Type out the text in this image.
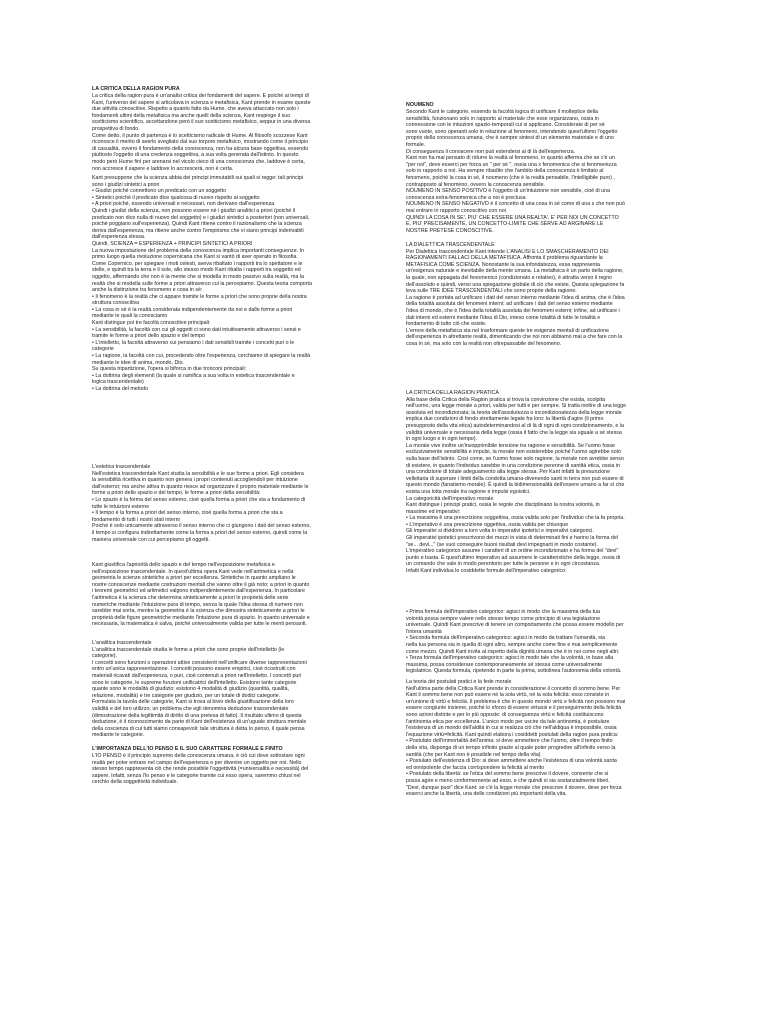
LA CRITICA DELLA RAGION PURA
La critica della ragion pura è un'analisi critica dei fondamenti del sapere. E poiché ai tempi di
Kant, l'universo del sapere si articolava in scienza e metafisica, Kant prende in esame queste
due attività conoscitive. Rispetto a quanto fatto da Hume, che aveva attaccato non solo i
fondamenti ultimi della metafisica ma anche quelli della scienza, Kant respinge il suo
scetticismo scientifico, accettandone però il suo scetticismo metafisico, seppur in una diversa
prospettiva di fondo.
Come detto, il punto di partenza è lo scetticismo radicale di Hume. Al filosofo scozzese Kant
riconosce il merito di averlo svegliato dal suo torpore metafisico, mostrando come il principio
di casualità, ovvero il fondamento della conoscenza, non ha alcuna base oggettiva, essendo
piuttosto l'oggetto di una credenza soggettiva, a sua volta generata dall'istinto. In questo
modo però Hume finì per arenarsi nel vicolo cieco di una conoscenza che, laddove è certa,
non accresce il sapere e laddove lo accrescerà, non è certa.
Kant presuppone che la scienza abbia dei principi immutabili sui quali si regge: tali principi
sono i giudizi sintetici a priori
• Giudizi poiché connettono un predicato con un soggetto
• Sintetici poiché il predicato dice qualcosa di nuovo rispetto al soggetto
• A priori poiché, essendo universali e necessari, non derivano dall'esperienza
Quindi i giudizi della scienza, non possono essere né i giudizi analitici a priori (poiché il
predicato non dice nulla di nuovo del soggetto) e i giudizi sintetici a posteriori (non universali,
poiché poggiano sull'esperienza). Quindi Kant ritiene contro il razionalismo che la scienza
deriva dall'esperienza, ma ritiene anche contro l'empirismo che vi siano principi inderivabili
dall'esperienza stessa.
Quindi, SCIENZA = ESPERIENZA + PRINCIPI SINTETICI A PRIORI
La nuova impostazione del problema della conoscenza implica importanti conseguenze. In
primo luogo quella rivoluzione copernicana che Kant si vantò di aver operato in filosofia.
Come Copernico, per spiegare i moti celesti, aveva ribaltato i rapporti tra lo spettatore e le
stelle, e quindi tra la terra e il sole, allo stesso modo Kant ribalta i rapporti tra soggetto ed
oggetto, affermando che non è la mente che si modella in modo passivo sulla realtà, ma la
realtà che si modella sulle forme a priori attraverso cui la percepiamo. Questa teoria comporta
anche la distinzione tra fenomeno e cosa in sé:
• Il fenomeno è la realtà che ci appare tramite le forme a priori che sono proprie della nostra
struttura conoscitiva
• La cosa in sé è la realtà considerata indipendentemente da noi e dalle forme a priori
mediante le quali la conosciamo
Kant distingue poi tre facoltà conoscitive principali:
• La sensibilità, la facoltà con cui gli oggetti ci sono dati intuitivamente attraverso i sensi e
tramite le forme a priori dello spazio e del tempo
• L'intelletto, la facoltà attraverso cui pensiamo i dati sensibili tramite i concetti puri o le
categorie
• La ragione, la facoltà con cui, procedendo oltre l'esperienza, cerchiamo di spiegare la realtà
mediante le idee di anima, mondo, Dio.
Su questa tripartizione, l'opera si biforca in due tronconi principali:
• La dottrina degli elementi (la quale si ramifica a sua volta in estetica trascendentale e
logica trascendentale)
• La dottrina del metodo
L'estetica trascendentale
Nell'estetica trascendentale Kant studia la sensibilità e le sue forme a priori. Egli considera
la sensibilità ricettiva in quanto non genera i propri contenuti accogliendoli per intuizione
dall'esterno; ma anche attiva in quanto riesce ad organizzare il proprio materiale mediante le
forme a priori dello spazio e del tempo, le forme a priori della sensibilità:
• Lo spazio è la forma del senso esterno, cioè quella forma a priori che sta a fondamento di
tutte le intuizioni esterne
• Il tempo è la forma a priori del senso interno, cioè quella forma a priori che sta a
fondamento di tutti i nostri stati interni
Poiché è solo unicamente attraverso il senso interno che ci giungono i dati del senso esterno,
il tempo si configura indirettamente come la forma a priori del senso esterno, quindi come la
maniera universale con cui percepiamo gli oggetti.
Kant giustifica l'apriorità dello spazio e del tempo nell'esposizione metafisica e
nell'esposizione trascendentale. In quest'ultima opera Kant vede nell'aritmetica e nella
geometria le scienze sintetiche a priori per eccellenza. Sintetiche in quanto ampliano le
nostre conoscenze mediante costruzioni mentali che vanno oltre il già noto; a priori in quanto
i teoremi geometrici ed aritmetici valgono indipendentemente dall'esperienza. In particolare
l'aritmetica è la scienza che determina sinteticamente a priori le proprietà delle serie
numeriche mediante l'intuizione pura di tempo, senza la quale l'idea stessa di numero non
sarebbe mai sorta, mentre la geometria è la scienza che dimostra sinteticamente a priori le
proprietà delle figure geometriche mediante l'intuizione pura di spazio. In quanto universale e
necessaria, la matematica è salva, poiché universalmente valida per tutte le menti pensanti.
L'analitica trascendentale
L'analitica trascendentale studia le forme a priori che sono proprie dell'intelletto (le
categorie).
I concetti sono funzioni o operazioni attive consistenti nell'unificare diverse rappresentazioni
entro un'unica rappresentazione. I concetti possono essere empirici, cioè ricostruiti con
materiali ricavati dall'esperienza, o puri, cioè contenuti a priori nell'intelletto. I concetti puri
sono le categorie, le supreme funzioni unificatrici dell'intelletto. Esistono tante categorie
quante sono le modalità di giudizio: esistono 4 modalità di giudizio (quantità, qualità,
relazione, modalità) e tre categorie per giudizio, per un totale di dodici categorie.
Formulata la tavola delle categorie, Kant si trova al bivio della giustificazione della loro
validità e del loro utilizzo; un problema che egli denomina deduzione trascendentale
(dimostrazione della legittimità di diritto di una pretesa di fatto). Il risultato ultimo di questa
deduzione, è il riconoscimento da parte di Kant dell'esistenza di un'uguale struttura mentale
della coscienza di cui tutti siamo consapevoli: tale struttura è detta Io penso, il quale pensa
mediante le categorie.
L'IMPORTANZA DELL'IO PENSO E IL SUO CARATTERE FORMALE E FINITO
L'IO PENSO è il principio supremo della conoscenza umana, è ciò cui deve sottostare ogni
realtà per poter entrare nel campo dell'esperienza e per divenire un oggetto per noi. Nello
stesso tempo rappresenta ciò che rende possibile l'oggettività (=universalità e necessità) del
sapere. Infatti, senza l'Io penso e le categorie tramite cui esso opera, saremmo chiusi nel
cerchio della soggettività individuale.
NOUMENO
Secondo Kant le categorie, essendo la facoltà logica di unificare il molteplice della
sensibilità, funzionano solo in rapporto al materiale che esse organizzano, ossia in
connessione con le intuizioni spazio-temporali cui si applicano. Considerate di per sé
sono vuote, sono operanti solo in relazione al fenomeno, intendendo quest'ultimo l'oggetto
proprio della conoscenza umana, che è sempre sintesi di un elemento materiale e di uno
formale.
Di conseguenza il conoscere non può estendersi al di là dell'esperienza.
Kant non ha mai pensato di ridurre la realtà al fenomeno, in quanto afferma che se c'è un
"per noi", deve esserci per forza un " per sé ", ossia una x fenomenica che si fenomenizza
solo in rapporto a noi. Ha sempre ribadito che l'ambito della conoscenza è limitato al
fenomeno, poiché la cosa in sé, il noumeno (che è la realtà pensabile, l'intelligibile puro) ,
contrapposto al fenomeno, ovvero la conoscenza sensibile.
NOUMENO IN SENSO POSITIVO è l'oggetto di un'intuizione non sensibile, cioè di una
conoscenza extra-fenomenica che a noi è preclusa
NOUMENO IN SENSO NEGATIVO è il concetto di una cosa in sé come di una x che non può
mai entrare in rapporto conoscitivo con noi
QUINDI LA COSA IN SE', PIU' CHE ESSERE UNA REALTA', E' PER NOI UN CONCETTO
E, PIU' PRECISAMENTE, UN CONCETTO-LIMITE CHE SERVE AD ARGINARE LE
NOSTRE PRETESE CONOSCITIVE.
LA DIALETTICA TRASCENDENTALE
Per Dialettica trascendentale Kant intende L'ANALISI E LO SMASCHERAMENTO DEI
RAGIONAMENTI FALLACI DELLA METAFISICA. Affronta il problema riguardante la
METAFISICA COME SCIENZA. Nonostante la sua infondatezza, essa rappresenta
un'esigenza naturale e inevitabile della mente umana. La metafisica è un parto della ragione,
la quale, non appagata del fenomenico (condizionato e relativo), è attratta verso il regno
dell'assoluto e quindi, verso una spiegazione globale di ciò che esiste. Questa spiegazione fa
leva sulle TRE IDEE TRASCENDENTALI che sono proprie della ragione.
La ragione è portata ad unificare i dati del senso interno mediante l'idea di anima, che è l'idea
della totalità assoluta dei fenomeni interni; ad unificare i dati del senso esterno mediante
l'idea di mondo, che è l'idea della totalità assoluta dei fenomeni esterni; infine, ad unificare i
dati interni ed esterni mediante l'idea di Dio, inteso come totalità di tutte le totalità e
fondamento di tutto ciò che esiste.
L'errore della metafisica sta nel trasformare queste tre esigenze mentali di unificazione
dell'esperienza in altrettante realtà, dimenticando che noi non abbiamo mai a che fare con la
cosa in sé, ma solo con la realtà non oltrepassabile del fenomeno.
LA CRITICA DELLA RAGION PRATICA
Alla base della Critica della Ragion pratica si trova la convinzione che esista, scolpita
nell'uomo, una legge morale a priori, valida per tutti e per sempre. Si tratta inoltre di una legge
assoluta ed incondizionata; la teoria dell'assolutezza o incondizionatezza della legge morale
implica due condizioni di fondo strettamente legate fra loro: la libertà d'agire (il primo
presupposto della vita etica) autodeterminandosi al di là di ogni di ogni condizionamento, e la
validità universale e necessaria della legge (ossia il fatto che la legge sia uguale a sé stessa
in ogni luogo e in ogni tempo).
La morale vive inoltre un'insopprimibile tensione tra ragione e sensibilità. Se l'uomo fosse
esclusivamente sensibilità e impulsi, la morale non esisterebbe poiché l'uomo agirebbe solo
sulla base dell'istinto. Così come, se l'uomo fosse solo ragione, la morale non avrebbe senso
di esistere, in quanto l'individuo sarebbe in una condizione perenne di santità etica, ossia in
una condizione di totale adeguamento alla legge stessa. Per Kant infatti la presunzione
velleitaria di superare i limiti della condotta umana-divenendo santi in terra non può essere di
questo mondo (fanatismo morale). È quindi la bidimensionalità dell'essere umano a far sì che
esista una lotta morale tra ragione e impulsi egoistici.
La categoricità dell'imperativo morale
Kant distingue i principi pratici, ossia le regole che disciplinano la nostra volontà, in
massime ed imperativi:
• La massima è una prescrizione soggettiva, ossia valida solo per l'individuo che la fa propria.
• L'imperativo è una prescrizione oggettiva, ossia valida per chiunque
Gli imperativi si dividono a loro volta in imperativi ipotetici e imperativi categorici.
Gli imperativi ipotetici prescrivono dei mezzi in vista di determinati fini e hanno la forma del
"se... devi..." (se vuoi conseguire buoni risultati devi impegnarti in modo costante).
L'imperativo categorico assume i caratteri di un ordine incondizionato e ha forma del "devi"
punto e basta. È quest'ultimo imperativo ad assumere le caratteristiche della legge, ossia di
un comando che vale in modo perentorio per tutte le persone e in ogni circostanza.
Infatti Kant individua le cosiddette formule dell'imperativo categorico:
• Prima formula dell'imperativo categorico: agisci in modo che la massima della tua
volontà possa sempre valere nello stesso tempo come principio di una legislazione
universale. Quindi Kant prescrive di tenere un comportamento che possa essere modello per
l'intera umanità
• Seconda formula dell'imperativo categorico: agisci in modo da trattare l'umanità, sia
nella tua persona sia in quella di ogni altro, sempre anche come fine e mai semplicemente
come mezzo. Quindi Kant invita al rispetto della dignità umana che è in noi come negli altri.
• Terza formula dell'imperativo categorico: agisci in modo tale che la volontà, in base alla
massima, possa considerare contemporaneamente sé stessa come universalmente
legislatrice. Questa formula, ripetendo in parte la prima, sottolinea l'autonomia della volontà.
La teoria dei postulati pratici e la fede morale
Nell'ultima parte della Critica Kant prende in considerazione il concetto di sommo bene. Per
Kant il sommo bene non può essere né la sola virtù, né la sola felicità: esso consiste in
un'unione di virtù e felicità. Il problema è che in questo mondo virtù e felicità non possono mai
essere congiunte insieme, poiché lo sforzo di essere virtuosi e il perseguimento della felicità
sono azioni distinte e per lo più opposte: di conseguenza virtù e felicità costituiscono
l'antinomia etica per eccellenza. L'unico modo per uscire da tale antinomia, è postulare
l'esistenza di un mondo dell'aldilà in cui si realizza ciò che nell'aldiqua è impossibile, ossia
l'equazione virtù=felicità. Kant quindi elabora i cosiddetti postulati della ragion pura pratica:
• Postulato dell'immortalità dell'anima: si deve ammettere che l'uomo, oltre il tempo finito
della vita, disponga di un tempo infinito grazie al quale poter progredire all'infinito verso la
santità (che per Kant non è possibile nel tempo della vita)
• Postulato dell'esistenza di Dio: si deve ammettere anche l'esistenza di una volontà santa
ed onnipotente che faccia corrispondere la felicità al merito
• Postulato della libertà: se l'etica del sommo bene prescrive il dovere, consente che si
possa agire e meno conformemente ad esso, e che quindi si sia sostanzialmente liberi.
"Devi, dunque puoi" dice Kant: se c'è la legge morale che prescrive il dovere, deve per forza
esserci anche la libertà, una delle condizioni più importanti della vita.
